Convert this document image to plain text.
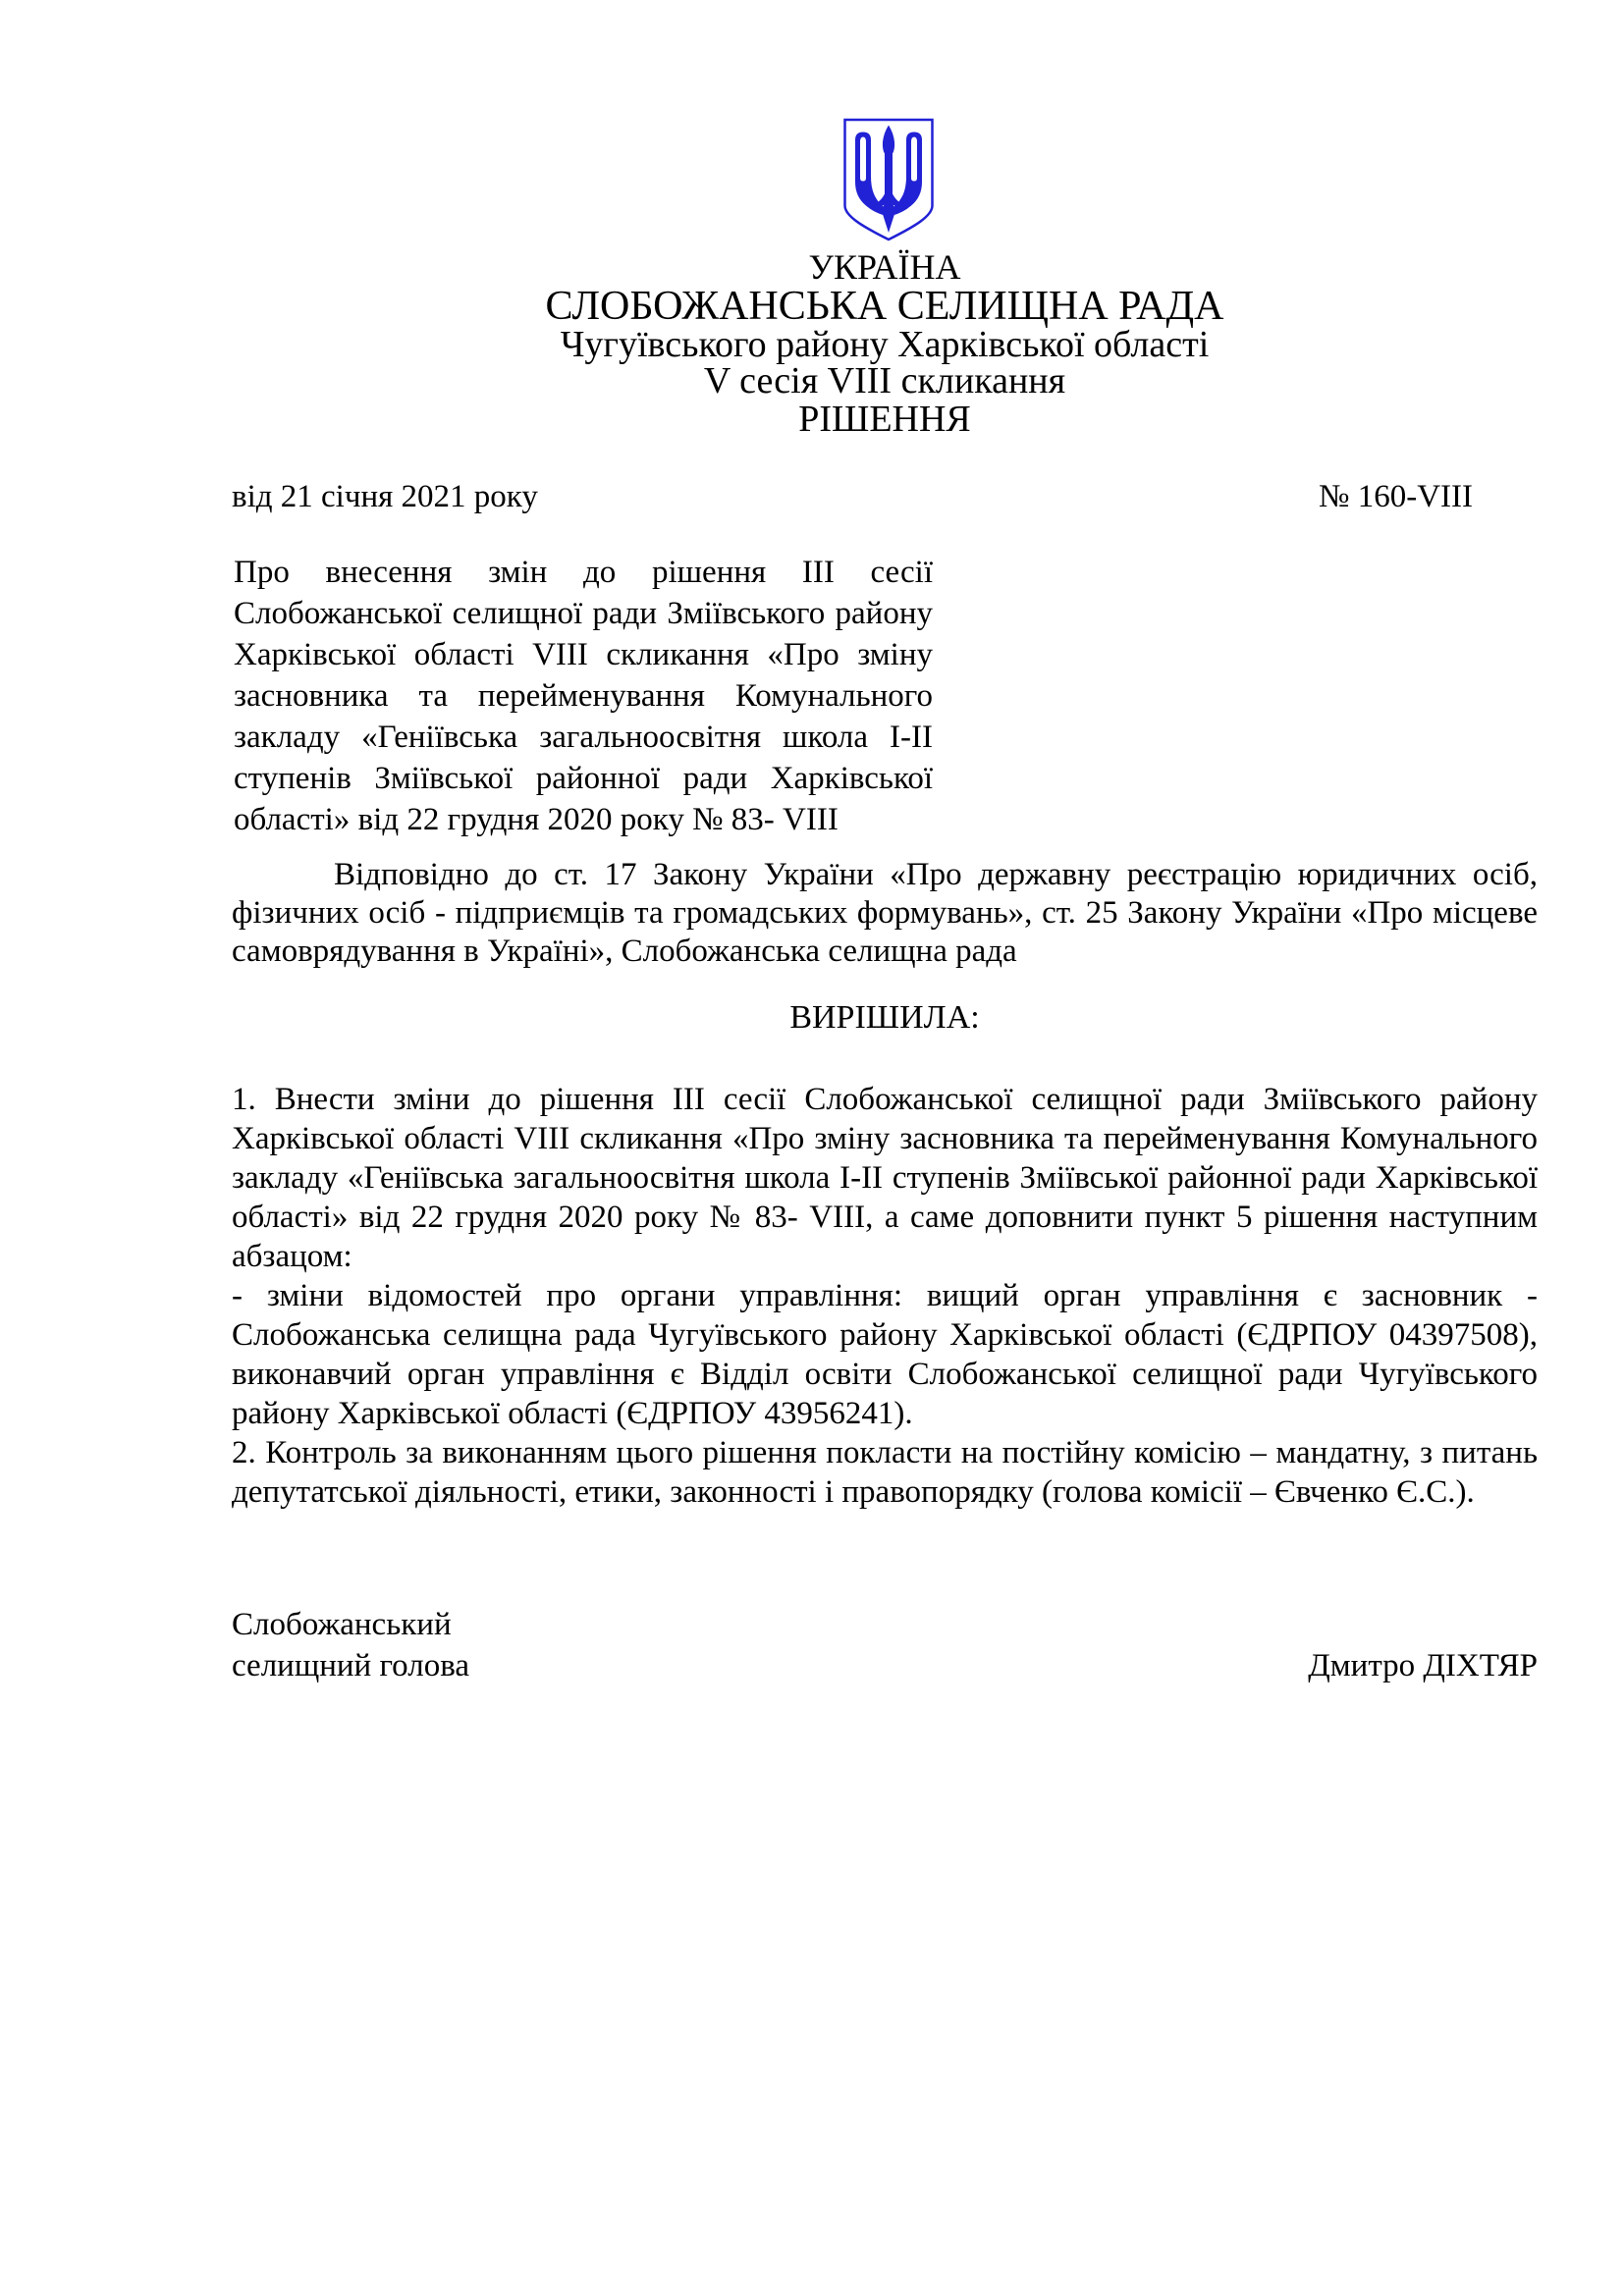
УКРАЇНА
СЛОБОЖАНСЬКА СЕЛИЩНА РАДА
Чугуївського району Харківської області
V сесія VIII скликання
РІШЕННЯ
від 21 січня 2021 року	№ 160-VIII
Про внесення змін до рішення ІІІ сесії Слобожанської селищної ради Зміївського району Харківської області VIII скликання «Про зміну засновника та перейменування Комунального закладу «Геніївська загальноосвітня школа І-ІІ ступенів Зміївської районної ради Харківської області» від 22 грудня 2020 року № 83- VIII
Відповідно до ст. 17 Закону України «Про державну реєстрацію юридичних осіб, фізичних осіб - підприємців та громадських формувань», ст. 25 Закону України «Про місцеве самоврядування в Україні», Слобожанська селищна рада
ВИРІШИЛА:

1. Внести зміни до рішення ІІІ сесії Слобожанської селищної ради Зміївського району Харківської області VIII скликання «Про зміну засновника та перейменування Комунального закладу «Геніївська загальноосвітня школа І-ІІ ступенів Зміївської районної ради Харківської області» від 22 грудня 2020 року № 83- VIII, а саме доповнити пункт 5 рішення наступним абзацом:

- зміни відомостей про органи управління: вищий орган управління є засновник - Слобожанська селищна рада Чугуївського району Харківської області (ЄДРПОУ 04397508), виконавчий орган управління є Відділ освіти Слобожанської селищної ради Чугуївського району Харківської області (ЄДРПОУ 43956241).

2. Контроль за виконанням цього рішення покласти на постійну комісію – мандатну, з питань депутатської діяльності, етики, законності і правопорядку (голова комісії – Євченко Є.С.).

Слобожанський
селищний голова	Дмитро ДІХТЯР
